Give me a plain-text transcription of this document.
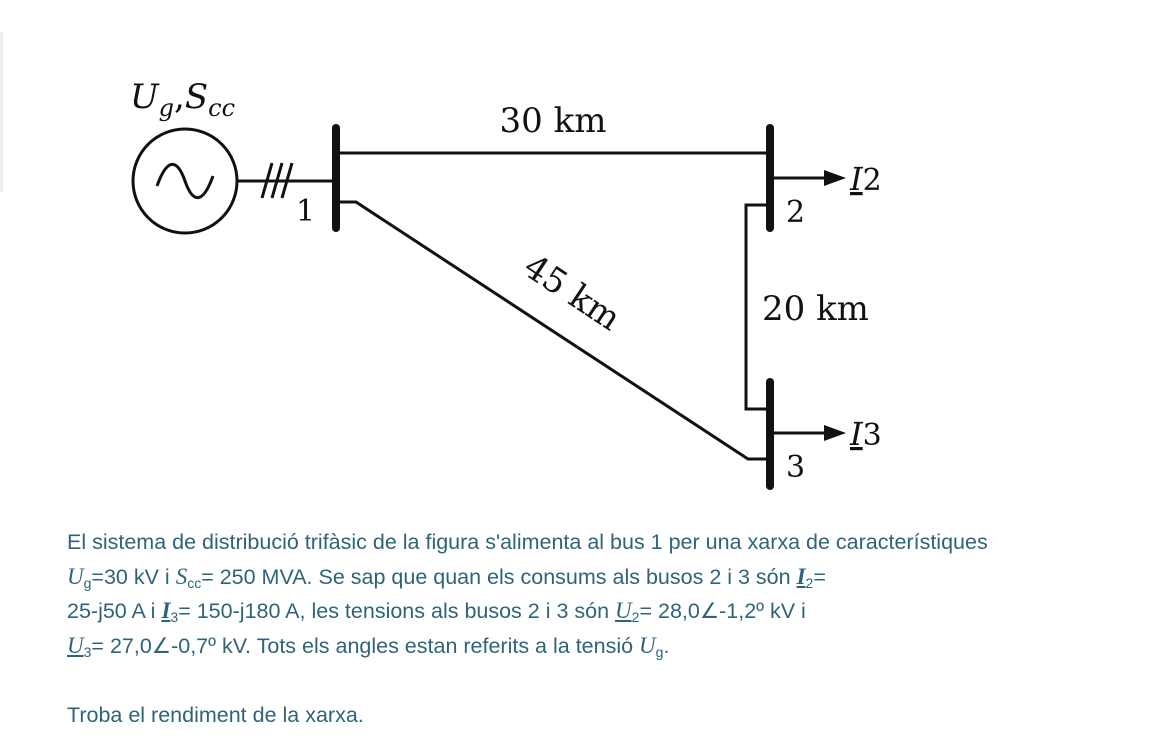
$U_g,S_{cc}$
1	2
3
30 km
45 km	20 km
I2
I3

El sistema de distribució trifàsic de la figura s'alimenta al bus 1 per una xarxa de característiques
$U_g=30$ kV i $S_{cc}= 250$ MVA. Se sap que quan els consums als busos 2 i 3 són $I_2=$
25-j50 A i $I_3= 150-j180$ A, les tensions als busos 2 i 3 són $U_2=$ 28,0∠-1,2º kV i
$U_3=$ 27,0∠-0,7º kV. Tots els angles estan referits a la tensió $U_g$.

Troba el rendiment de la xarxa.
